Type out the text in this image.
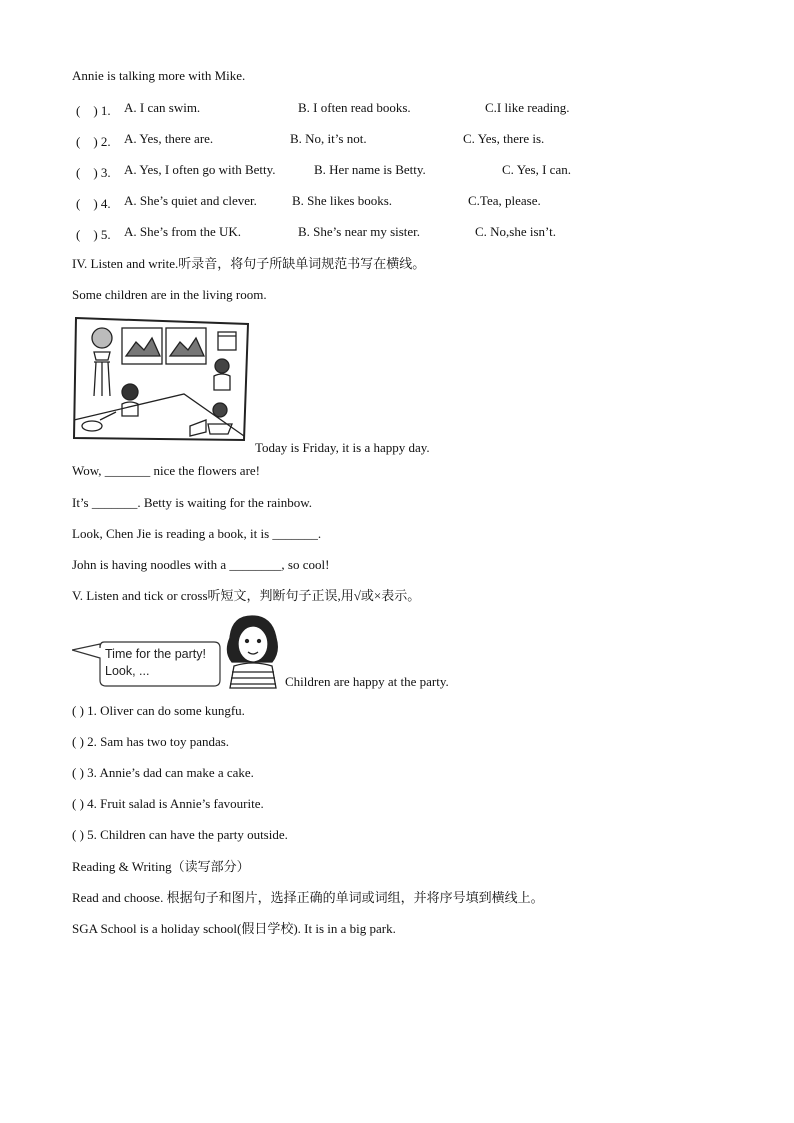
Annie is talking more with Mike.
(　) 1. A. I can swim.	B. I often read books.	C.I like reading.
(　) 2. A. Yes, there are.	B. No, it’s not.	C. Yes, there is.
(　) 3. A. Yes, I often go with Betty.	B. Her name is Betty.	C. Yes, I can.
(　) 4. A. She’s quiet and clever.	B. She likes books.	C.Tea, please.
(　) 5. A. She’s from the UK.	B. She’s near my sister.	C. No,she isn’t.
IV. Listen and write.听录音，将句子所缺单词规范书写在横线。
Some children are in the living room.
Today is Friday, it is a happy day.
Wow, _______ nice the flowers are!
It’s _______. Betty is waiting for the rainbow.
Look, Chen Jie is reading a book, it is _______.
John is having noodles with a ________, so cool!
V. Listen and tick or cross听短文，判断句子正误,用√或×表示。
Time for the party!
Look, ...
Children are happy at the party.
( ) 1. Oliver can do some kungfu.
( ) 2. Sam has two toy pandas.
( ) 3. Annie’s dad can make a cake.
( ) 4. Fruit salad is Annie’s favourite.
( ) 5. Children can have the party outside.
Reading & Writing（读写部分）
Read and choose. 根据句子和图片，选择正确的单词或词组，并将序号填到横线上。
SGA School is a holiday school(假日学校). It is in a big park.
